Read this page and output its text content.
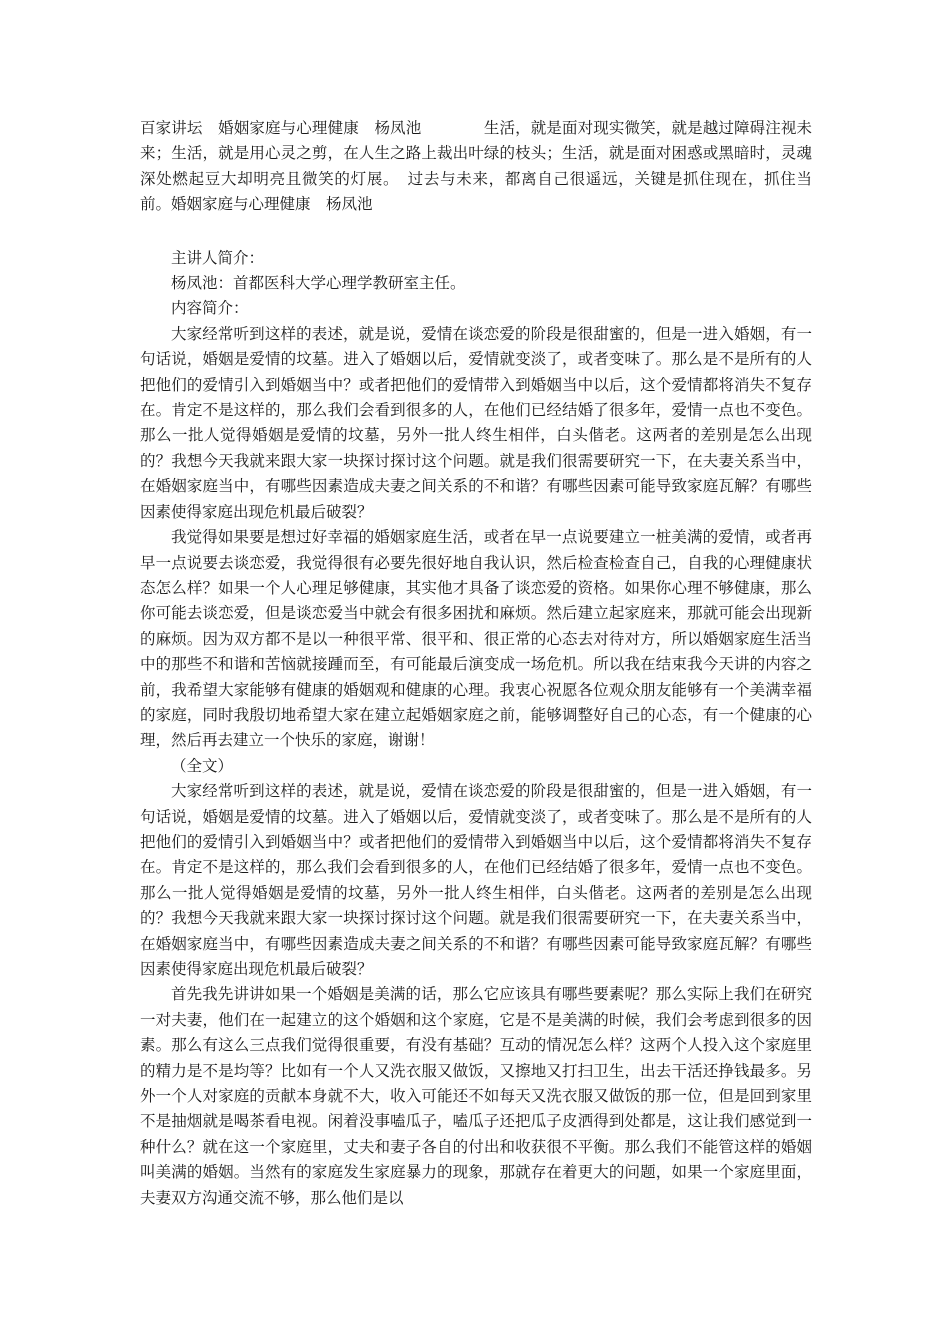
百家讲坛　婚姻家庭与心理健康　杨凤池　　　　生活，就是面对现实微笑，就是越过障碍注视未来；生活，就是用心灵之剪，在人生之路上裁出叶绿的枝头；生活，就是面对困惑或黑暗时，灵魂深处燃起豆大却明亮且微笑的灯展。　过去与未来，都离自己很遥远，关键是抓住现在，抓住当前。婚姻家庭与心理健康　杨凤池

主讲人简介：

杨凤池：首都医科大学心理学教研室主任。

内容简介：

大家经常听到这样的表述，就是说，爱情在谈恋爱的阶段是很甜蜜的，但是一进入婚姻，有一句话说，婚姻是爱情的坟墓。进入了婚姻以后，爱情就变淡了，或者变味了。那么是不是所有的人把他们的爱情引入到婚姻当中？或者把他们的爱情带入到婚姻当中以后，这个爱情都将消失不复存在。肯定不是这样的，那么我们会看到很多的人，在他们已经结婚了很多年，爱情一点也不变色。那么一批人觉得婚姻是爱情的坟墓，另外一批人终生相伴，白头偕老。这两者的差别是怎么出现的？我想今天我就来跟大家一块探讨探讨这个问题。就是我们很需要研究一下，在夫妻关系当中，在婚姻家庭当中，有哪些因素造成夫妻之间关系的不和谐？有哪些因素可能导致家庭瓦解？有哪些因素使得家庭出现危机最后破裂？

我觉得如果要是想过好幸福的婚姻家庭生活，或者在早一点说要建立一桩美满的爱情，或者再早一点说要去谈恋爱，我觉得很有必要先很好地自我认识，然后检查检查自己，自我的心理健康状态怎么样？如果一个人心理足够健康，其实他才具备了谈恋爱的资格。如果你心理不够健康，那么你可能去谈恋爱，但是谈恋爱当中就会有很多困扰和麻烦。然后建立起家庭来，那就可能会出现新的麻烦。因为双方都不是以一种很平常、很平和、很正常的心态去对待对方，所以婚姻家庭生活当中的那些不和谐和苦恼就接踵而至，有可能最后演变成一场危机。所以我在结束我今天讲的内容之前，我希望大家能够有健康的婚姻观和健康的心理。我衷心祝愿各位观众朋友能够有一个美满幸福的家庭，同时我殷切地希望大家在建立起婚姻家庭之前，能够调整好自己的心态，有一个健康的心理，然后再去建立一个快乐的家庭，谢谢！

（全文）

大家经常听到这样的表述，就是说，爱情在谈恋爱的阶段是很甜蜜的，但是一进入婚姻，有一句话说，婚姻是爱情的坟墓。进入了婚姻以后，爱情就变淡了，或者变味了。那么是不是所有的人把他们的爱情引入到婚姻当中？或者把他们的爱情带入到婚姻当中以后，这个爱情都将消失不复存在。肯定不是这样的，那么我们会看到很多的人，在他们已经结婚了很多年，爱情一点也不变色。那么一批人觉得婚姻是爱情的坟墓，另外一批人终生相伴，白头偕老。这两者的差别是怎么出现的？我想今天我就来跟大家一块探讨探讨这个问题。就是我们很需要研究一下，在夫妻关系当中，在婚姻家庭当中，有哪些因素造成夫妻之间关系的不和谐？有哪些因素可能导致家庭瓦解？有哪些因素使得家庭出现危机最后破裂？

首先我先讲讲如果一个婚姻是美满的话，那么它应该具有哪些要素呢？那么实际上我们在研究一对夫妻，他们在一起建立的这个婚姻和这个家庭，它是不是美满的时候，我们会考虑到很多的因素。那么有这么三点我们觉得很重要，有没有基础？互动的情况怎么样？这两个人投入这个家庭里的精力是不是均等？比如有一个人又洗衣服又做饭，又擦地又打扫卫生，出去干活还挣钱最多。另外一个人对家庭的贡献本身就不大，收入可能还不如每天又洗衣服又做饭的那一位，但是回到家里不是抽烟就是喝茶看电视。闲着没事嗑瓜子，嗑瓜子还把瓜子皮洒得到处都是，这让我们感觉到一种什么？就在这一个家庭里，丈夫和妻子各自的付出和收获很不平衡。那么我们不能管这样的婚姻叫美满的婚姻。当然有的家庭发生家庭暴力的现象，那就存在着更大的问题，如果一个家庭里面，夫妻双方沟通交流不够，那么他们是以
